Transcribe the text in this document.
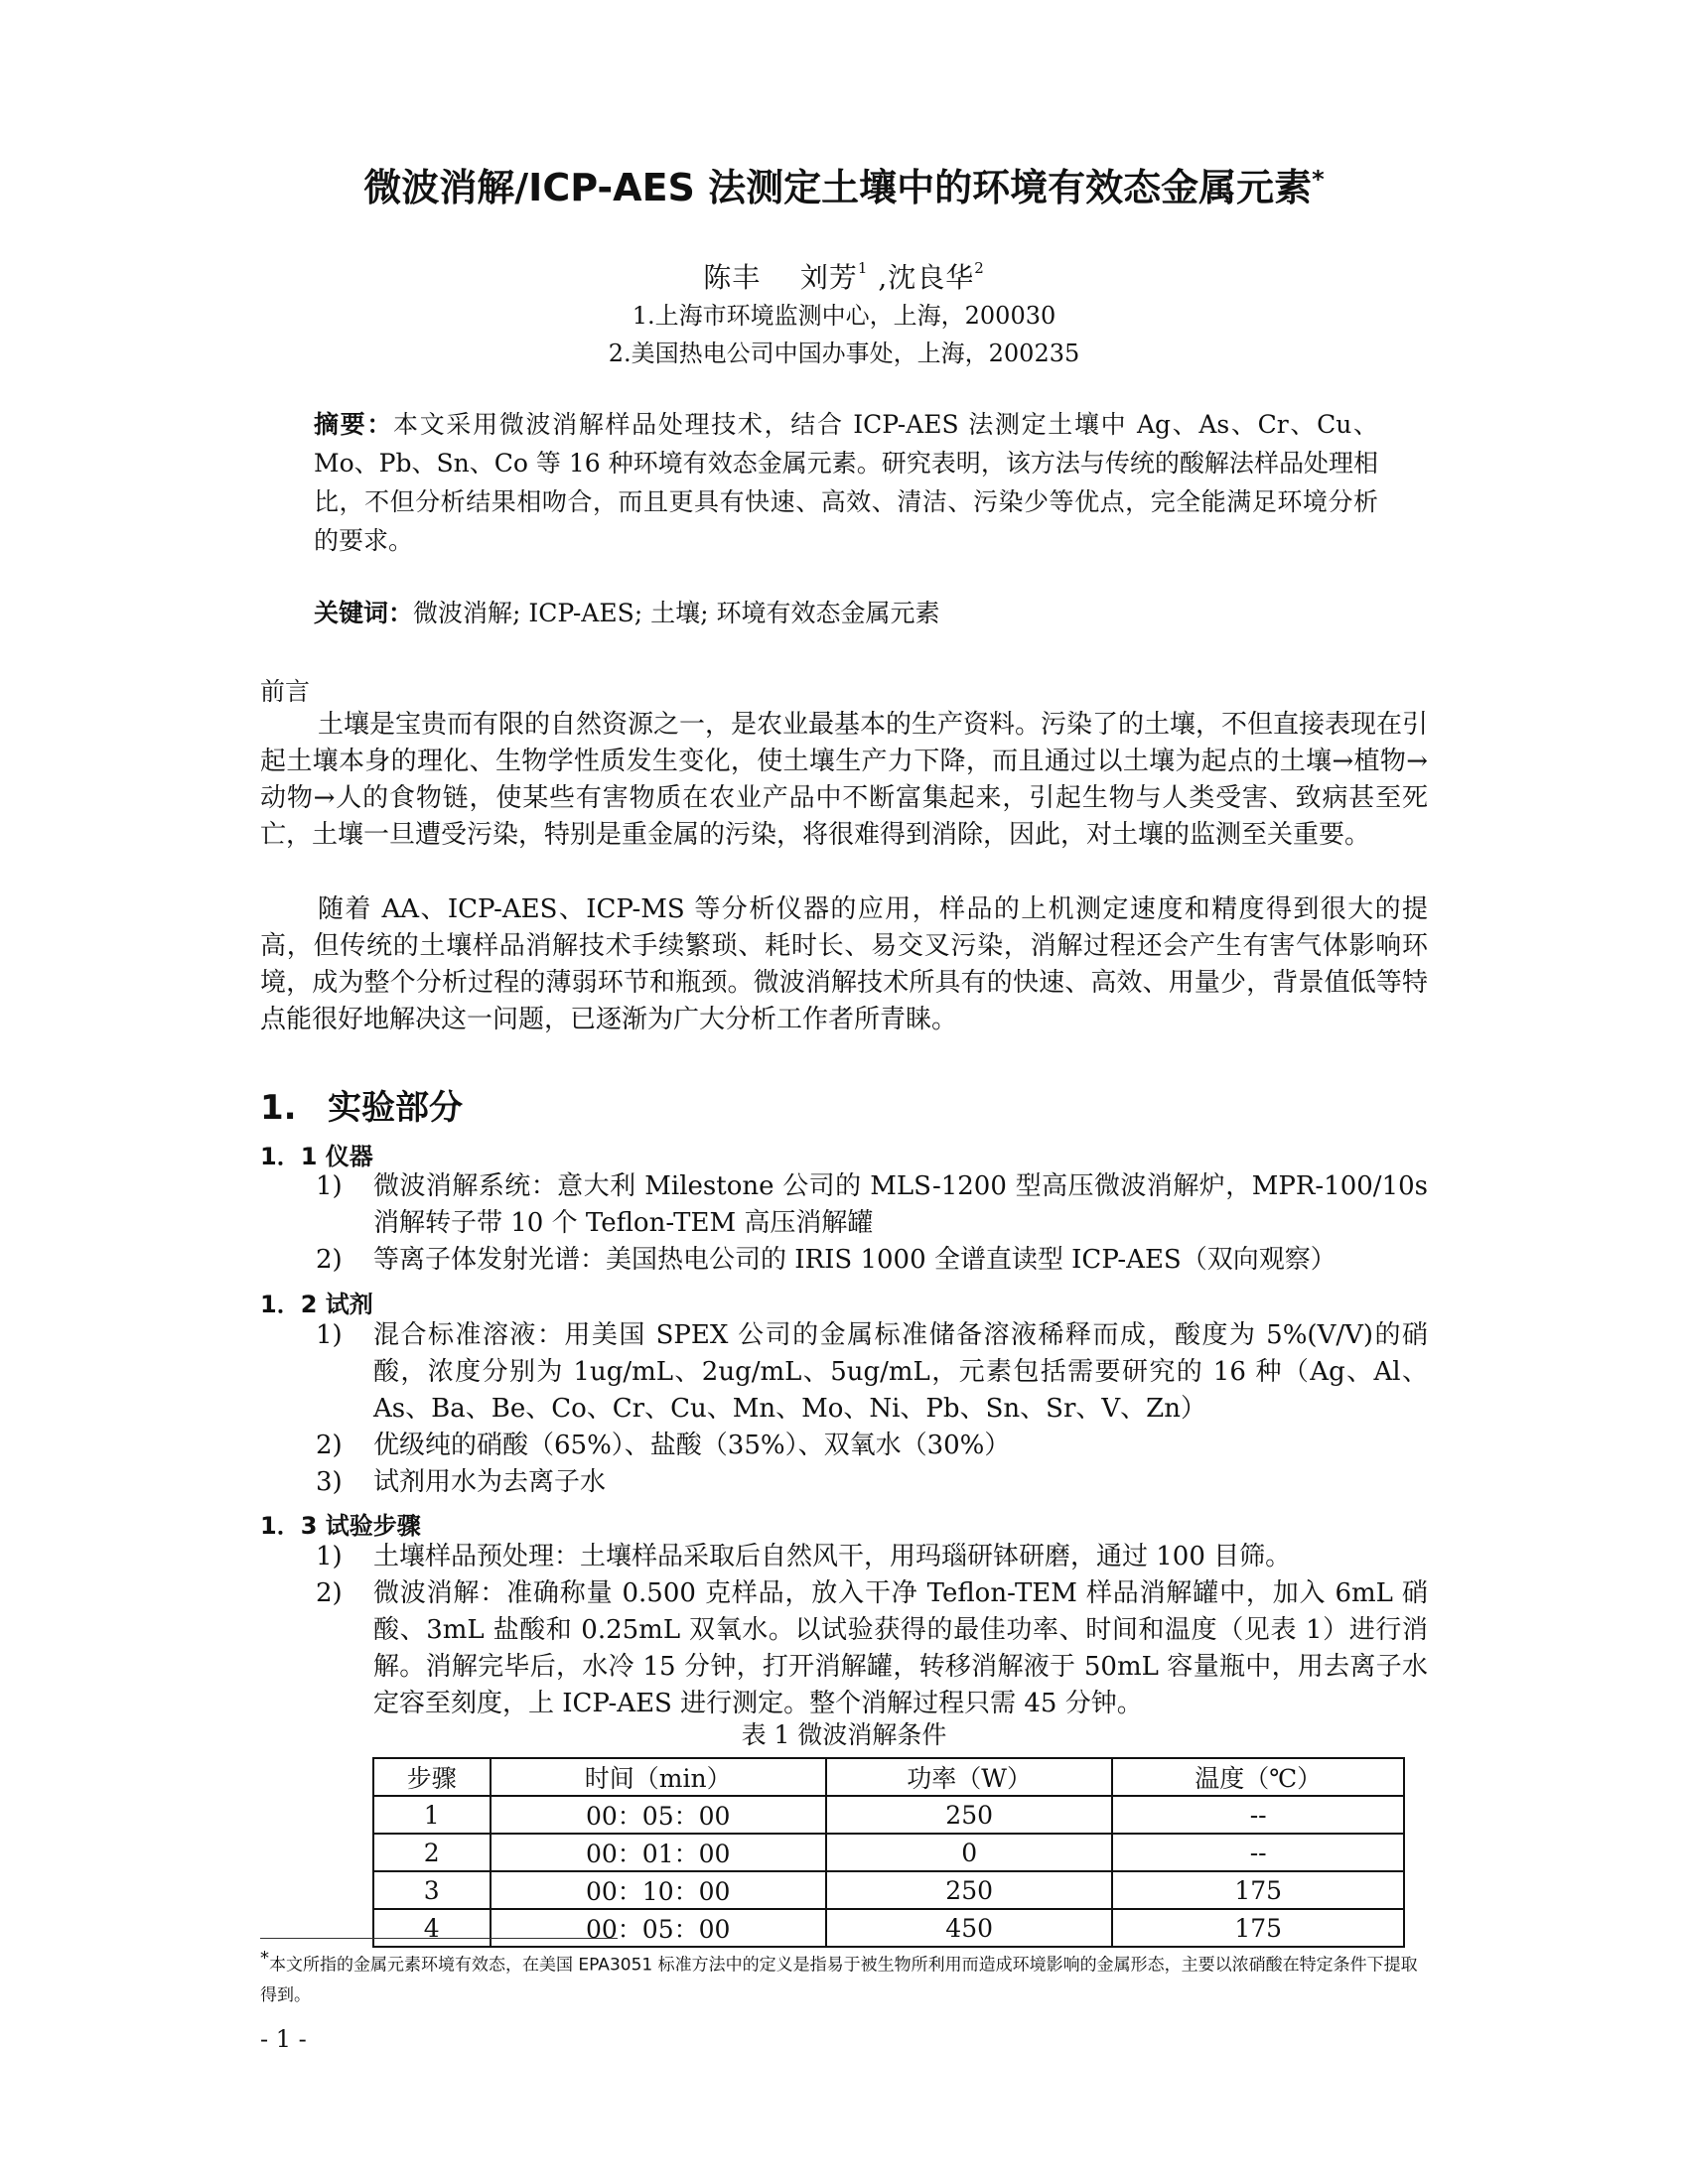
微波消解/ICP-AES 法测定土壤中的环境有效态金属元素*
陈丰 刘芳$^1$ ,沈良华$^2$
1.上海市环境监测中心，上海，200030
2.美国热电公司中国办事处，上海，200235
摘要：本文采用微波消解样品处理技术，结合 ICP-AES 法测定土壤中 Ag、As、Cr、Cu、Mo、Pb、Sn、Co 等 16 种环境有效态金属元素。研究表明，该方法与传统的酸解法样品处理相比，不但分析结果相吻合，而且更具有快速、高效、清洁、污染少等优点，完全能满足环境分析的要求。
关键词：微波消解; ICP-AES; 土壤; 环境有效态金属元素
前言
土壤是宝贵而有限的自然资源之一，是农业最基本的生产资料。污染了的土壤，不但直接表现在引起土壤本身的理化、生物学性质发生变化，使土壤生产力下降，而且通过以土壤为起点的土壤→植物→动物→人的食物链，使某些有害物质在农业产品中不断富集起来，引起生物与人类受害、致病甚至死亡，土壤一旦遭受污染，特别是重金属的污染，将很难得到消除，因此，对土壤的监测至关重要。
随着 AA、ICP-AES、ICP-MS 等分析仪器的应用，样品的上机测定速度和精度得到很大的提高，但传统的土壤样品消解技术手续繁琐、耗时长、易交叉污染，消解过程还会产生有害气体影响环境，成为整个分析过程的薄弱环节和瓶颈。微波消解技术所具有的快速、高效、用量少，背景值低等特点能很好地解决这一问题，已逐渐为广大分析工作者所青睐。
1. 实验部分
1．1 仪器
1)	微波消解系统：意大利 Milestone 公司的 MLS-1200 型高压微波消解炉，MPR-100/10s 消解转子带 10 个 Teflon-TEM 高压消解罐
2)	等离子体发射光谱：美国热电公司的 IRIS 1000 全谱直读型 ICP-AES（双向观察）
1．2 试剂
1)	混合标准溶液：用美国 SPEX 公司的金属标准储备溶液稀释而成，酸度为 5%(V/V)的硝酸，浓度分别为 1ug/mL、2ug/mL、5ug/mL，元素包括需要研究的 16 种（Ag、Al、As、Ba、Be、Co、Cr、Cu、Mn、Mo、Ni、Pb、Sn、Sr、V、Zn）
2)	优级纯的硝酸（65%）、盐酸（35%）、双氧水（30%）
3)	试剂用水为去离子水
1．3 试验步骤
1)	土壤样品预处理：土壤样品采取后自然风干，用玛瑙研钵研磨，通过 100 目筛。
2)	微波消解：准确称量 0.500 克样品，放入干净 Teflon-TEM 样品消解罐中，加入 6mL 硝酸、3mL 盐酸和 0.25mL 双氧水。以试验获得的最佳功率、时间和温度（见表 1）进行消解。消解完毕后，水冷 15 分钟，打开消解罐，转移消解液于 50mL 容量瓶中，用去离子水定容至刻度，上 ICP-AES 进行测定。整个消解过程只需 45 分钟。
表 1 微波消解条件
步骤	时间（min）	功率（W）	温度（℃）
1	00：05：00	250	--
2	00：01：00	0	--
3	00：10：00	250	175
4	00：05：00	450	175
*本文所指的金属元素环境有效态，在美国 EPA3051 标准方法中的定义是指易于被生物所利用而造成环境影响的金属形态，主要以浓硝酸在特定条件下提取得到。
- 1 -
